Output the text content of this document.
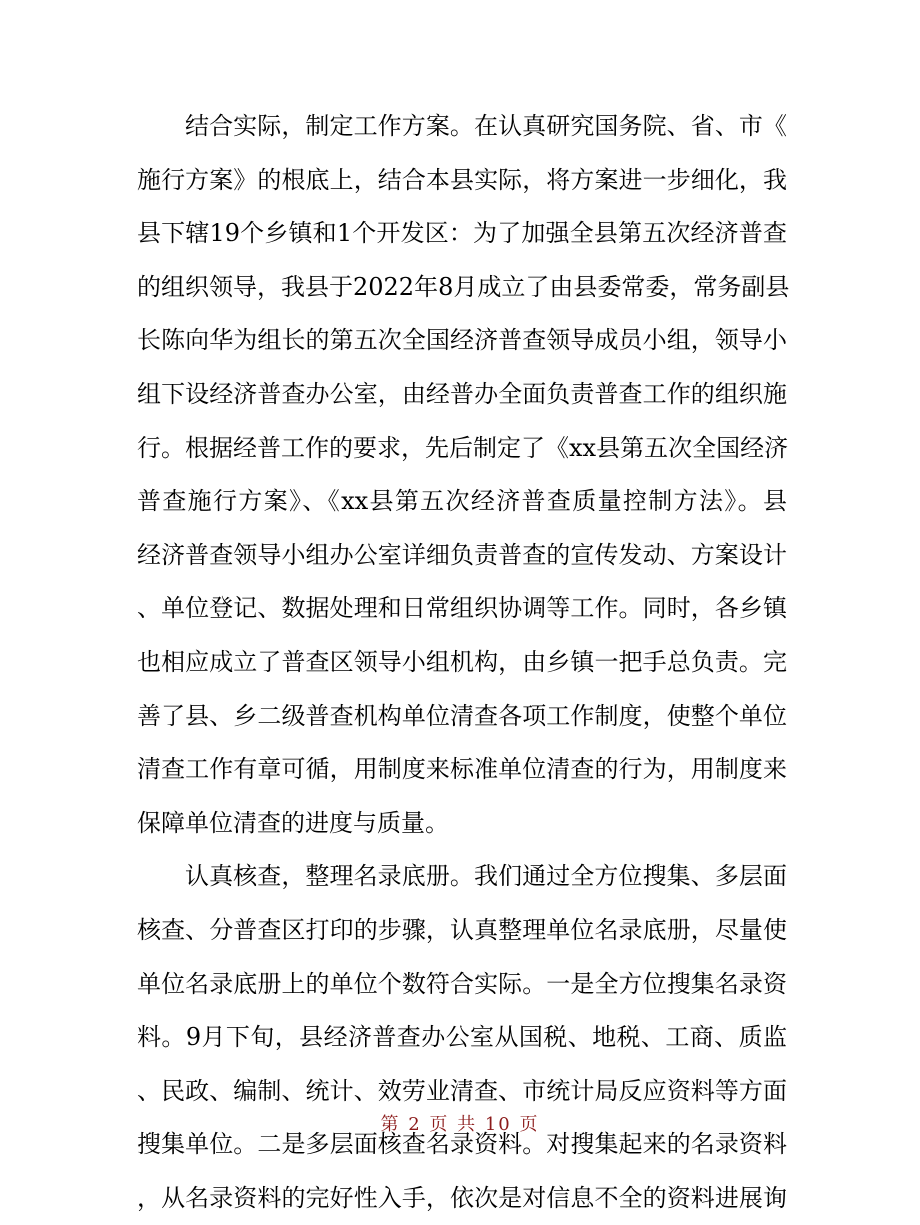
结合实际，制定工作方案。在认真研究国务院、省、市《
施行方案》的根底上，结合本县实际，将方案进一步细化，我
县下辖19个乡镇和1个开发区：为了加强全县第五次经济普查
的组织领导，我县于2022年8月成立了由县委常委，常务副县
长陈向华为组长的第五次全国经济普查领导成员小组，领导小
组下设经济普查办公室，由经普办全面负责普查工作的组织施
行。根据经普工作的要求，先后制定了《xx县第五次全国经济
普查施行方案》、《xx县第五次经济普查质量控制方法》。县
经济普查领导小组办公室详细负责普查的宣传发动、方案设计
、单位登记、数据处理和日常组织协调等工作。同时，各乡镇
也相应成立了普查区领导小组机构，由乡镇一把手总负责。完
善了县、乡二级普查机构单位清查各项工作制度，使整个单位
清查工作有章可循，用制度来标准单位清查的行为，用制度来
保障单位清查的进度与质量。
认真核查，整理名录底册。我们通过全方位搜集、多层面
核查、分普查区打印的步骤，认真整理单位名录底册，尽量使
单位名录底册上的单位个数符合实际。一是全方位搜集名录资
料。9月下旬，县经济普查办公室从国税、地税、工商、质监
、民政、编制、统计、效劳业清查、市统计局反应资料等方面
搜集单位。二是多层面核查名录资料。对搜集起来的名录资料
，从名录资料的完好性入手，依次是对信息不全的资料进展询
第 2 页 共 10 页
